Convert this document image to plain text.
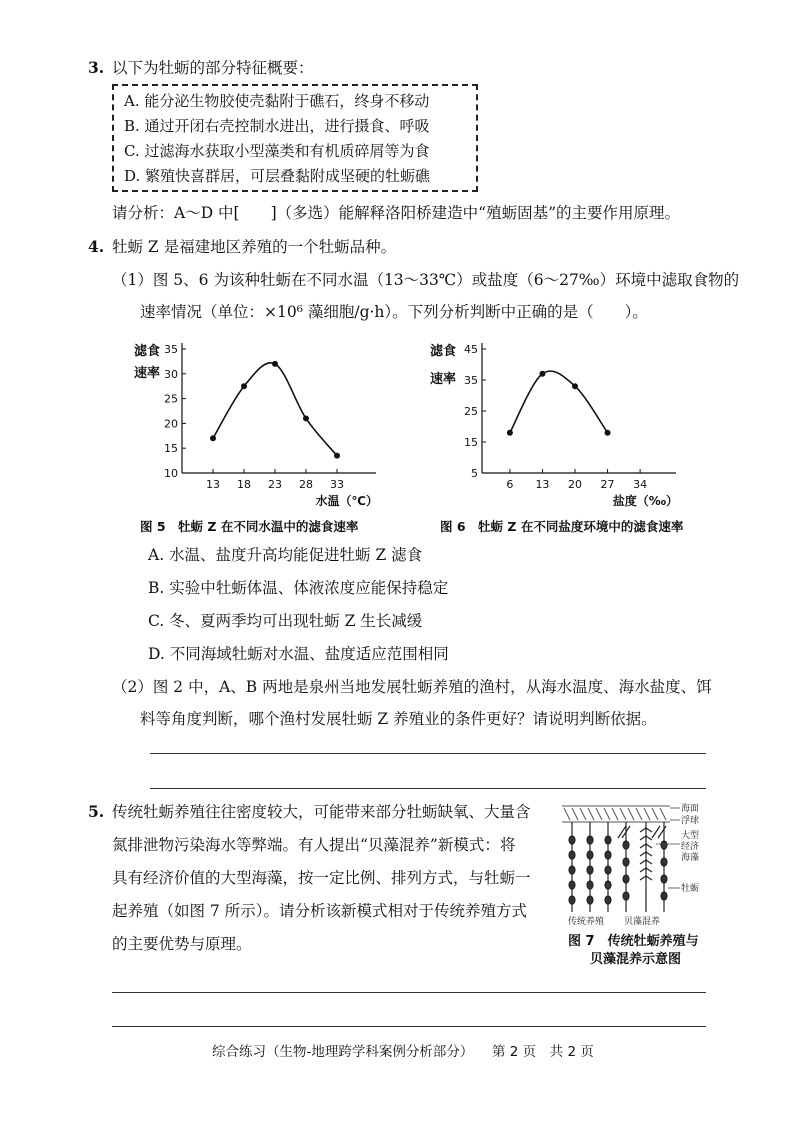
3. 以下为牡蛎的部分特征概要：
A. 能分泌生物胶使壳黏附于礁石，终身不移动
B. 通过开闭右壳控制水进出，进行摄食、呼吸
C. 过滤海水获取小型藻类和有机质碎屑等为食
D. 繁殖快喜群居，可层叠黏附成坚硬的牡蛎礁
请分析：A～D 中[　　]（多选）能解释洛阳桥建造中“殖蛎固基”的主要作用原理。
4. 牡蛎 Z 是福建地区养殖的一个牡蛎品种。
（1）图 5、6 为该种牡蛎在不同水温（13～33℃）或盐度（6～27‰）环境中滤取食物的
速率情况（单位：×10⁶ 藻细胞/g·h）。下列分析判断中正确的是（　　）。
滤食
速率
10
15
20
25
30
35
13 18 23 28 33
水温（℃）
图 5　牡蛎 Z 在不同水温中的滤食速率
滤食
速率
5
15
25
35
45
6 13 20 27 34
盐度（‰）
图 6　牡蛎 Z 在不同盐度环境中的滤食速率
A. 水温、盐度升高均能促进牡蛎 Z 滤食
B. 实验中牡蛎体温、体液浓度应能保持稳定
C. 冬、夏两季均可出现牡蛎 Z 生长减缓
D. 不同海域牡蛎对水温、盐度适应范围相同
（2）图 2 中，A、B 两地是泉州当地发展牡蛎养殖的渔村，从海水温度、海水盐度、饵
料等角度判断，哪个渔村发展牡蛎 Z 养殖业的条件更好？请说明判断依据。
5. 传统牡蛎养殖往往密度较大，可能带来部分牡蛎缺氧、大量含
氮排泄物污染海水等弊端。有人提出“贝藻混养”新模式：将
具有经济价值的大型海藻，按一定比例、排列方式，与牡蛎一
起养殖（如图 7 所示）。请分析该新模式相对于传统养殖方式
的主要优势与原理。
海面
浮球
大型
经济
海藻
牡蛎
传统养殖 贝藻混养
图 7　传统牡蛎养殖与
贝藻混养示意图
综合练习（生物-地理跨学科案例分析部分） 第 2 页　共 2 页
